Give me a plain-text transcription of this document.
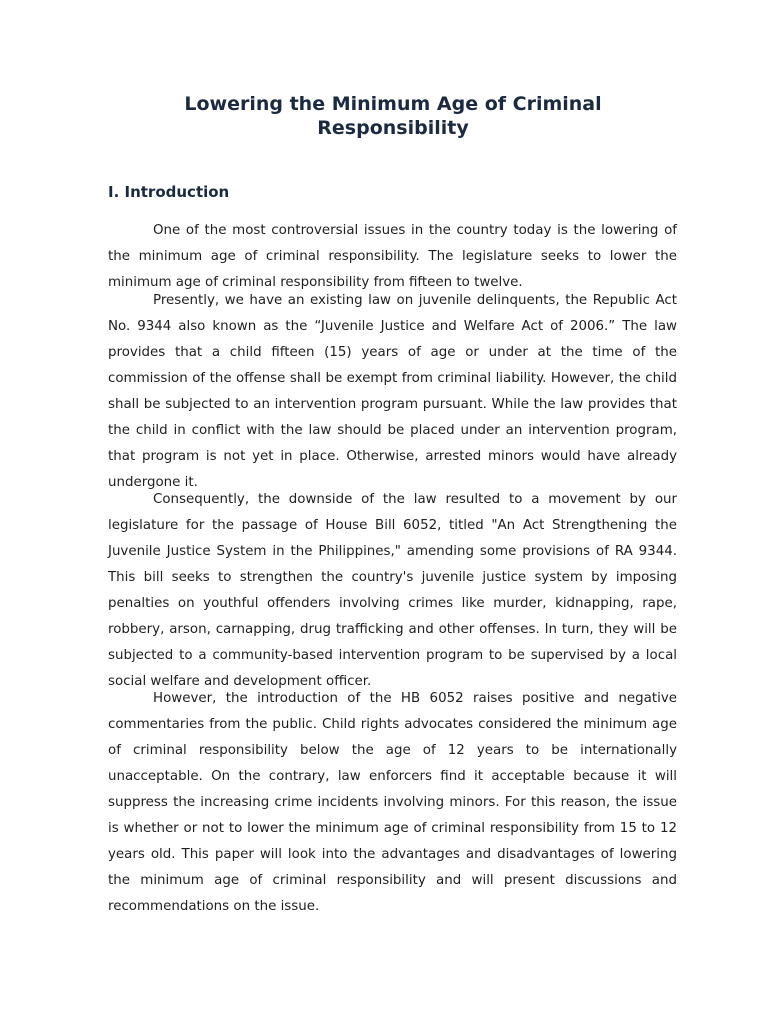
Lowering the Minimum Age of Criminal
Responsibility
I. Introduction

One of the most controversial issues in the country today is the lowering of the minimum age of criminal responsibility. The legislature seeks to lower the minimum age of criminal responsibility from fifteen to twelve.

Presently, we have an existing law on juvenile delinquents, the Republic Act No. 9344 also known as the “Juvenile Justice and Welfare Act of 2006.” The law provides that a child fifteen (15) years of age or under at the time of the commission of the offense shall be exempt from criminal liability. However, the child shall be subjected to an intervention program pursuant. While the law provides that the child in conflict with the law should be placed under an intervention program, that program is not yet in place. Otherwise, arrested minors would have already undergone it.

Consequently, the downside of the law resulted to a movement by our legislature for the passage of House Bill 6052, titled "An Act Strengthening the Juvenile Justice System in the Philippines," amending some provisions of RA 9344. This bill seeks to strengthen the country's juvenile justice system by imposing penalties on youthful offenders involving crimes like murder, kidnapping, rape, robbery, arson, carnapping, drug trafficking and other offenses. In turn, they will be subjected to a community-based intervention program to be supervised by a local social welfare and development officer.

However, the introduction of the HB 6052 raises positive and negative commentaries from the public. Child rights advocates considered the minimum age of criminal responsibility below the age of 12 years to be internationally unacceptable. On the contrary, law enforcers find it acceptable because it will suppress the increasing crime incidents involving minors. For this reason, the issue is whether or not to lower the minimum age of criminal responsibility from 15 to 12 years old. This paper will look into the advantages and disadvantages of lowering the minimum age of criminal responsibility and will present discussions and recommendations on the issue.
